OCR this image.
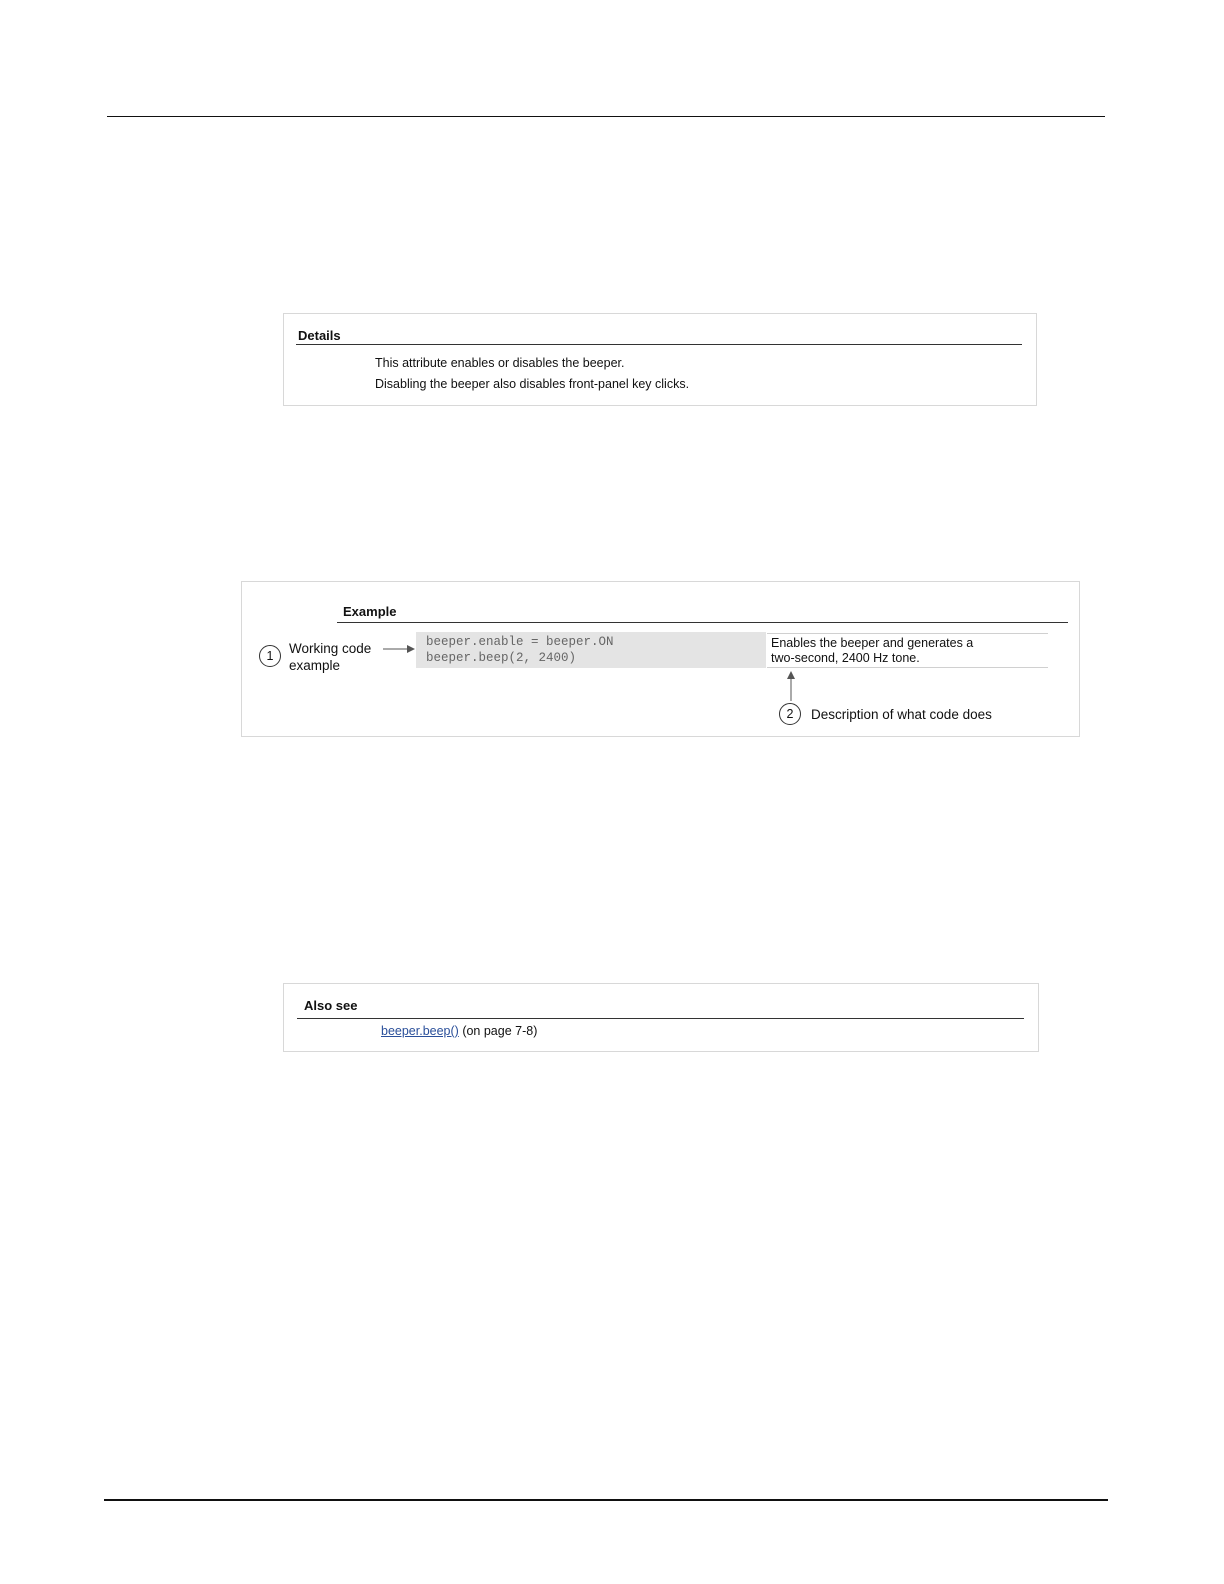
Details
This attribute enables or disables the beeper.
Disabling the beeper also disables front-panel key clicks.
Example
1	Working code
example
beeper.enable = beeper.ON
beeper.beep(2, 2400)
Enables the beeper and generates a
two-second, 2400 Hz tone.
2	Description of what code does
Also see
beeper.beep() (on page 7-8)
